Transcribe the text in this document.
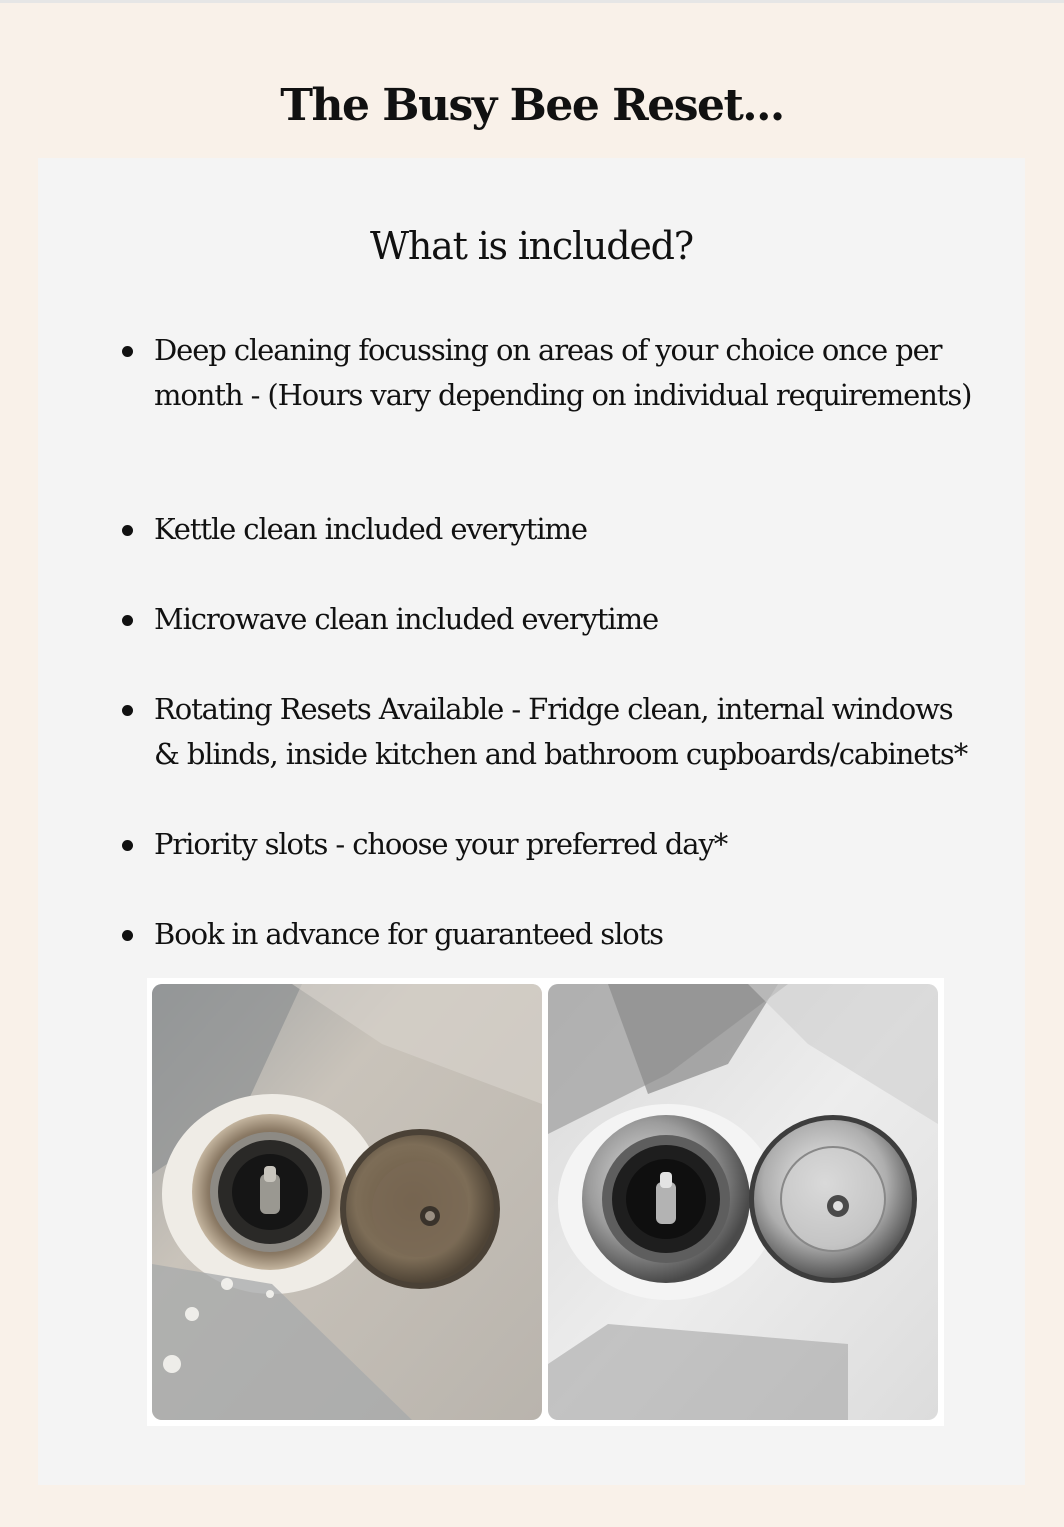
The Busy Bee Reset...
What is included?
Deep cleaning focussing on areas of your choice once per month - (Hours vary depending on individual requirements)
Kettle clean included everytime
Microwave clean included everytime
Rotating Resets Available - Fridge clean, internal windows & blinds, inside kitchen and bathroom cupboards/cabinets*
Priority slots - choose your preferred day*
Book in advance for guaranteed slots
